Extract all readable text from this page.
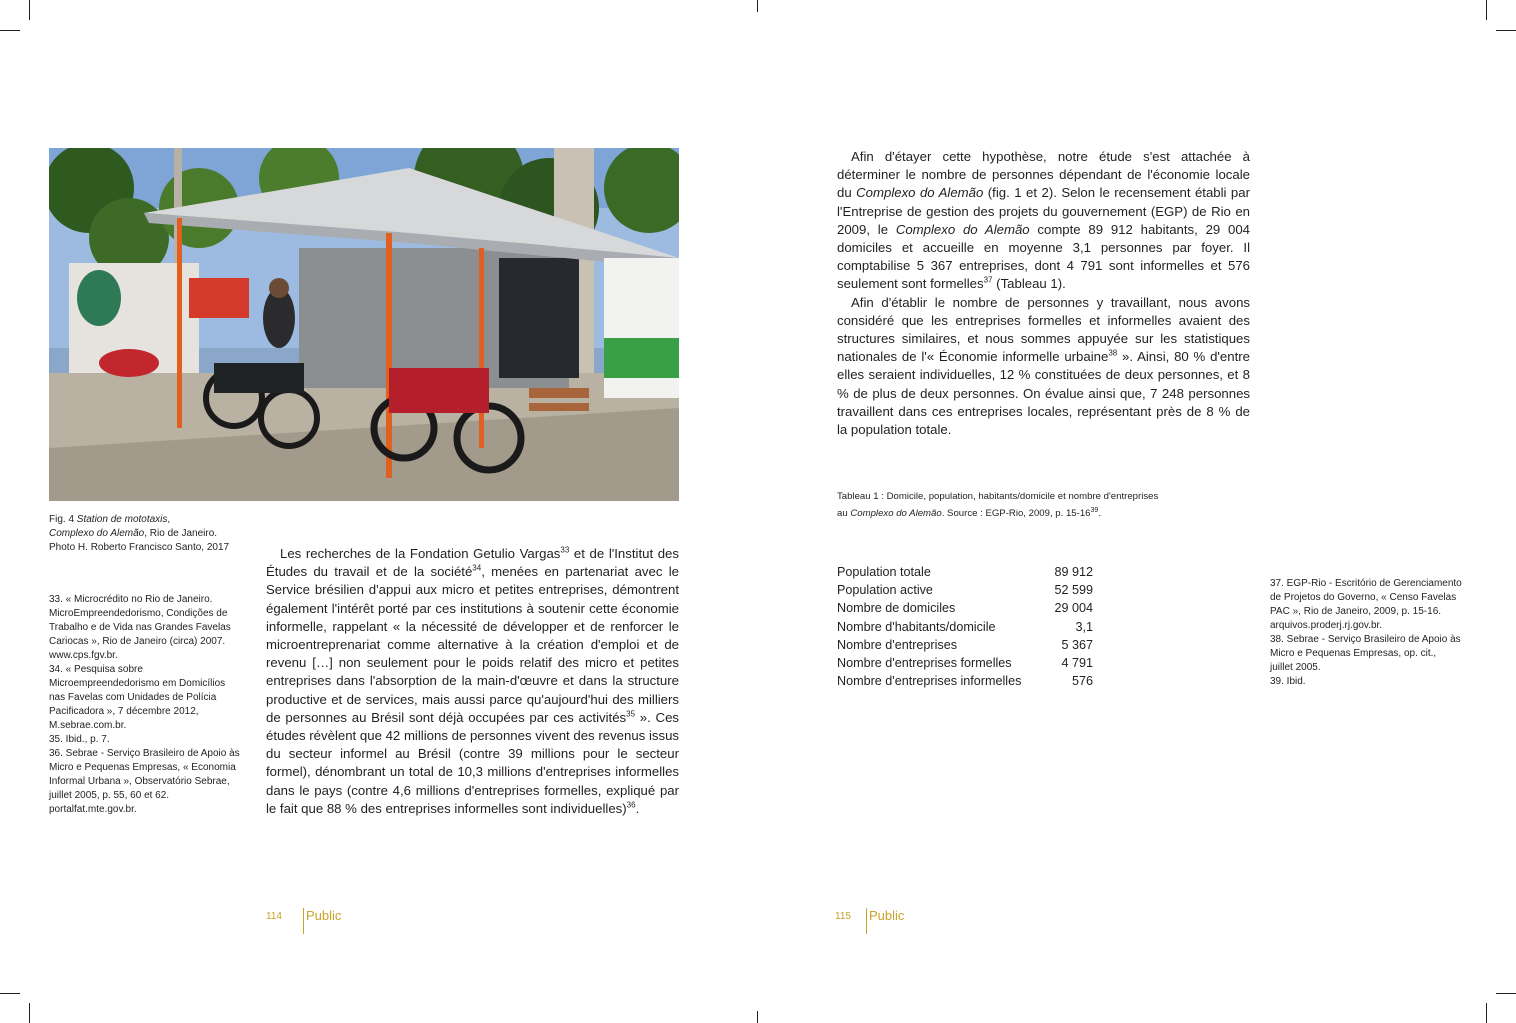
Fig. 4 Station de mototaxis,
Complexo do Alemão, Rio de Janeiro.
Photo H. Roberto Francisco Santo, 2017
33. « Microcrédito no Rio de Janeiro.
MicroEmpreendedorismo, Condições de
Trabalho e de Vida nas Grandes Favelas
Cariocas », Rio de Janeiro (circa) 2007.
www.cps.fgv.br.
34. « Pesquisa sobre
Microempreendedorismo em Domicílios
nas Favelas com Unidades de Polícia
Pacificadora », 7 décembre 2012,
M.sebrae.com.br.
35. Ibid., p. 7.
36. Sebrae - Serviço Brasileiro de Apoio às
Micro e Pequenas Empresas, « Economia
Informal Urbana », Observatório Sebrae,
juillet 2005, p. 55, 60 et 62.
portalfat.mte.gov.br.

Les recherches de la Fondation Getulio Vargas$^{33}$ et de l'Institut des Études du travail et de la société$^{34}$, menées en partenariat avec le Service brésilien d'appui aux micro et petites entreprises, démontrent également l'intérêt porté par ces institutions à soutenir cette économie informelle, rappelant « la nécessité de développer et de renforcer le microentreprenariat comme alternative à la création d'emploi et de revenu […] non seulement pour le poids relatif des micro et petites entreprises dans l'absorption de la main-d'œuvre et dans la structure productive et de services, mais aussi parce qu'aujourd'hui des milliers de personnes au Brésil sont déjà occupées par ces activités$^{35}$ ». Ces études révèlent que 42 millions de personnes vivent des revenus issus du secteur informel au Brésil (contre 39 millions pour le secteur formel), dénombrant un total de 10,3 millions d'entreprises informelles dans le pays (contre 4,6 millions d'entreprises formelles, expliqué par le fait que 88 % des entreprises informelles sont individuelles)$^{36}$.

Afin d'étayer cette hypothèse, notre étude s'est attachée à déterminer le nombre de personnes dépendant de l'économie locale du Complexo do Alemão (fig. 1 et 2). Selon le recensement établi par l'Entreprise de gestion des projets du gouvernement (EGP) de Rio en 2009, le Complexo do Alemão compte 89 912 habitants, 29 004 domiciles et accueille en moyenne 3,1 personnes par foyer. Il comptabilise 5 367 entreprises, dont 4 791 sont informelles et 576 seulement sont formelles$^{37}$ (Tableau 1).

Afin d'établir le nombre de personnes y travaillant, nous avons considéré que les entreprises formelles et informelles avaient des structures similaires, et nous sommes appuyée sur les statistiques nationales de l'« Économie informelle urbaine$^{38}$ ». Ainsi, 80 % d'entre elles seraient individuelles, 12 % constituées de deux personnes, et 8 % de plus de deux personnes. On évalue ainsi que, 7 248 personnes travaillent dans ces entreprises locales, représentant près de 8 % de la population totale.

Tableau 1 : Domicile, population, habitants/domicile et nombre d'entreprises
au Complexo do Alemão. Source : EGP-Rio, 2009, p. $15-16^{39}$.
Population totale	89 912
Population active	52 599
Nombre de domiciles	29 004
Nombre d'habitants/domicile	3,1
Nombre d'entreprises	5 367
Nombre d'entreprises formelles	4 791
Nombre d'entreprises informelles	576
37. EGP-Rio - Escritório de Gerenciamento
de Projetos do Governo, « Censo Favelas
PAC », Rio de Janeiro, 2009, p. 15-16.
arquivos.proderj.rj.gov.br.
38. Sebrae - Serviço Brasileiro de Apoio às
Micro e Pequenas Empresas, op. cit.,
juillet 2005.
39. Ibid.
114 Public	115 Public
